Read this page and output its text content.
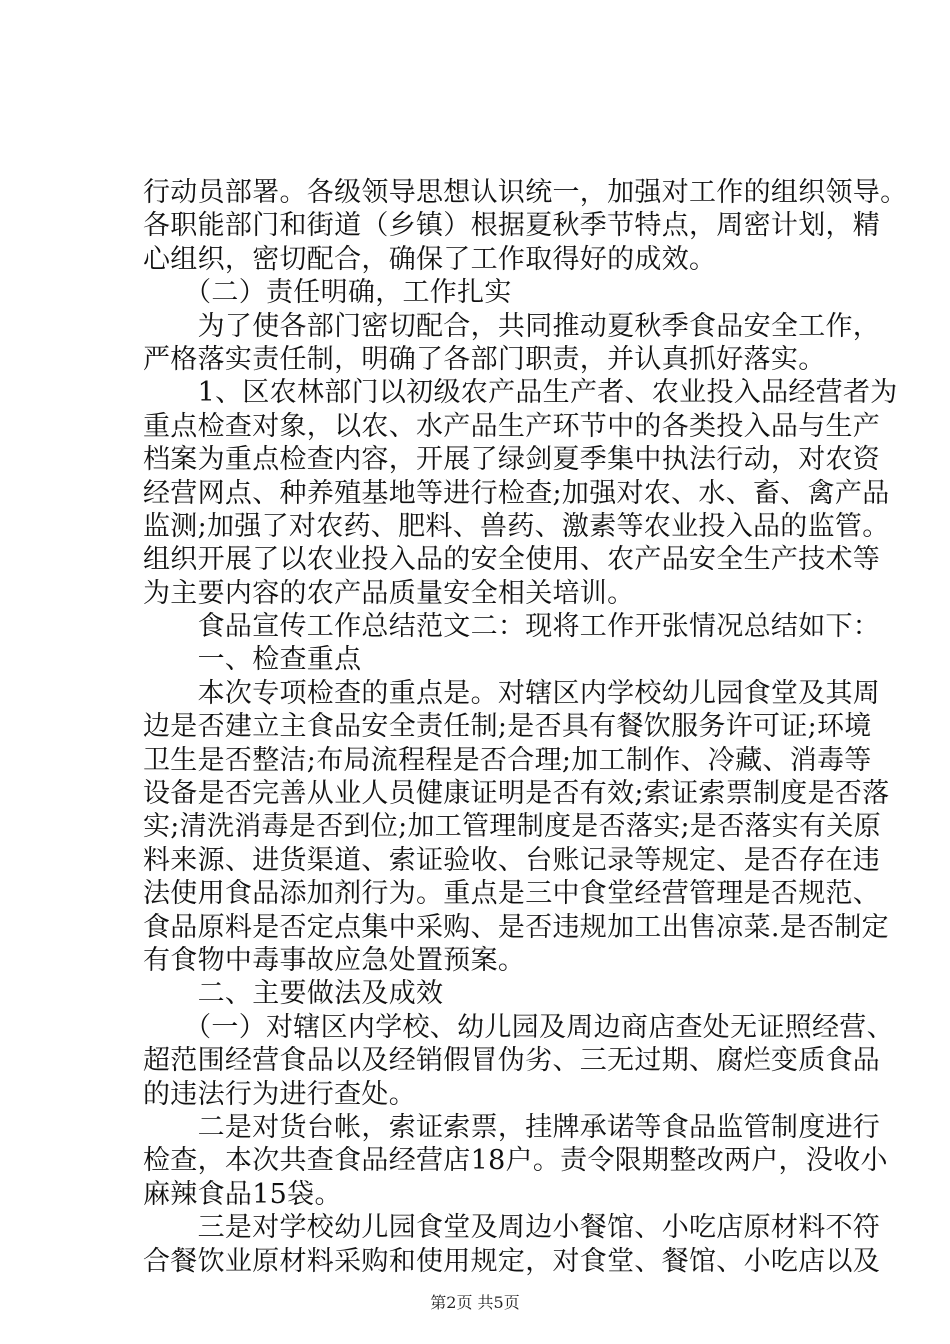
行动员部署。各级领导思想认识统一，加强对工作的组织领导。
各职能部门和街道（乡镇）根据夏秋季节特点，周密计划，精
心组织，密切配合，确保了工作取得好的成效。
　　（二）责任明确，工作扎实
　　为了使各部门密切配合，共同推动夏秋季食品安全工作，
严格落实责任制，明确了各部门职责，并认真抓好落实。
　　1、区农林部门以初级农产品生产者、农业投入品经营者为
重点检查对象，以农、水产品生产环节中的各类投入品与生产
档案为重点检查内容，开展了绿剑夏季集中执法行动，对农资
经营网点、种养殖基地等进行检查;加强对农、水、畜、禽产品
监测;加强了对农药、肥料、兽药、激素等农业投入品的监管。
组织开展了以农业投入品的安全使用、农产品安全生产技术等
为主要内容的农产品质量安全相关培训。
　　食品宣传工作总结范文二：现将工作开张情况总结如下：
　　一、检查重点
　　本次专项检查的重点是。对辖区内学校幼儿园食堂及其周
边是否建立主食品安全责任制;是否具有餐饮服务许可证;环境
卫生是否整洁;布局流程程是否合理;加工制作、冷藏、消毒等
设备是否完善从业人员健康证明是否有效;索证索票制度是否落
实;清洗消毒是否到位;加工管理制度是否落实;是否落实有关原
料来源、进货渠道、索证验收、台账记录等规定、是否存在违
法使用食品添加剂行为。重点是三中食堂经营管理是否规范、
食品原料是否定点集中采购、是否违规加工出售凉菜.是否制定
有食物中毒事故应急处置预案。
　　二、主要做法及成效
　　（一）对辖区内学校、幼儿园及周边商店查处无证照经营、
超范围经营食品以及经销假冒伪劣、三无过期、腐烂变质食品
的违法行为进行查处。
　　二是对货台帐，索证索票，挂牌承诺等食品监管制度进行
检查，本次共查食品经营店18户。责令限期整改两户，没收小
麻辣食品15袋。
　　三是对学校幼儿园食堂及周边小餐馆、小吃店原材料不符
合餐饮业原材料采购和使用规定，对食堂、餐馆、小吃店以及
第2页 共5页
